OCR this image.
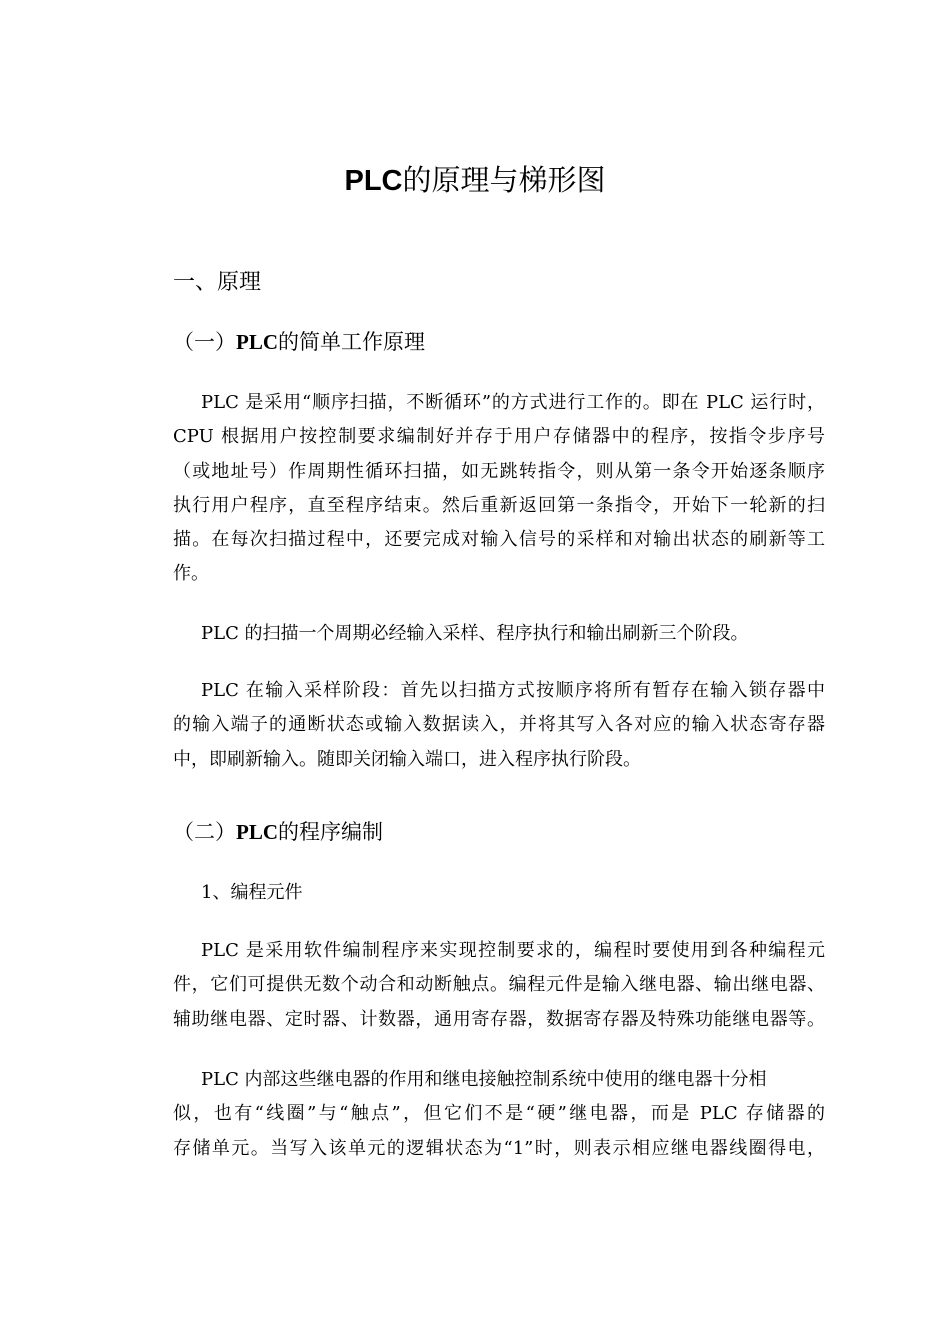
PLC的原理与梯形图
一、原理
（一）PLC的简单工作原理
PLC 是采用“顺序扫描，不断循环”的方式进行工作的。即在 PLC 运行时，
CPU 根据用户按控制要求编制好并存于用户存储器中的程序，按指令步序号
（或地址号）作周期性循环扫描，如无跳转指令，则从第一条令开始逐条顺序
执行用户程序，直至程序结束。然后重新返回第一条指令，开始下一轮新的扫
描。在每次扫描过程中，还要完成对输入信号的采样和对输出状态的刷新等工
作。
PLC 的扫描一个周期必经输入采样、程序执行和输出刷新三个阶段。
PLC 在输入采样阶段：首先以扫描方式按顺序将所有暂存在输入锁存器中
的输入端子的通断状态或输入数据读入，并将其写入各对应的输入状态寄存器
中，即刷新输入。随即关闭输入端口，进入程序执行阶段。
（二）PLC的程序编制
1、编程元件
PLC 是采用软件编制程序来实现控制要求的，编程时要使用到各种编程元
件，它们可提供无数个动合和动断触点。编程元件是输入继电器、输出继电器、
辅助继电器、定时器、计数器，通用寄存器，数据寄存器及特殊功能继电器等。
PLC 内部这些继电器的作用和继电接触控制系统中使用的继电器十分相
似，也有“线圈”与“触点”，但它们不是“硬”继电器，而是 PLC 存储器的
存储单元。当写入该单元的逻辑状态为“1”时，则表示相应继电器线圈得电，
